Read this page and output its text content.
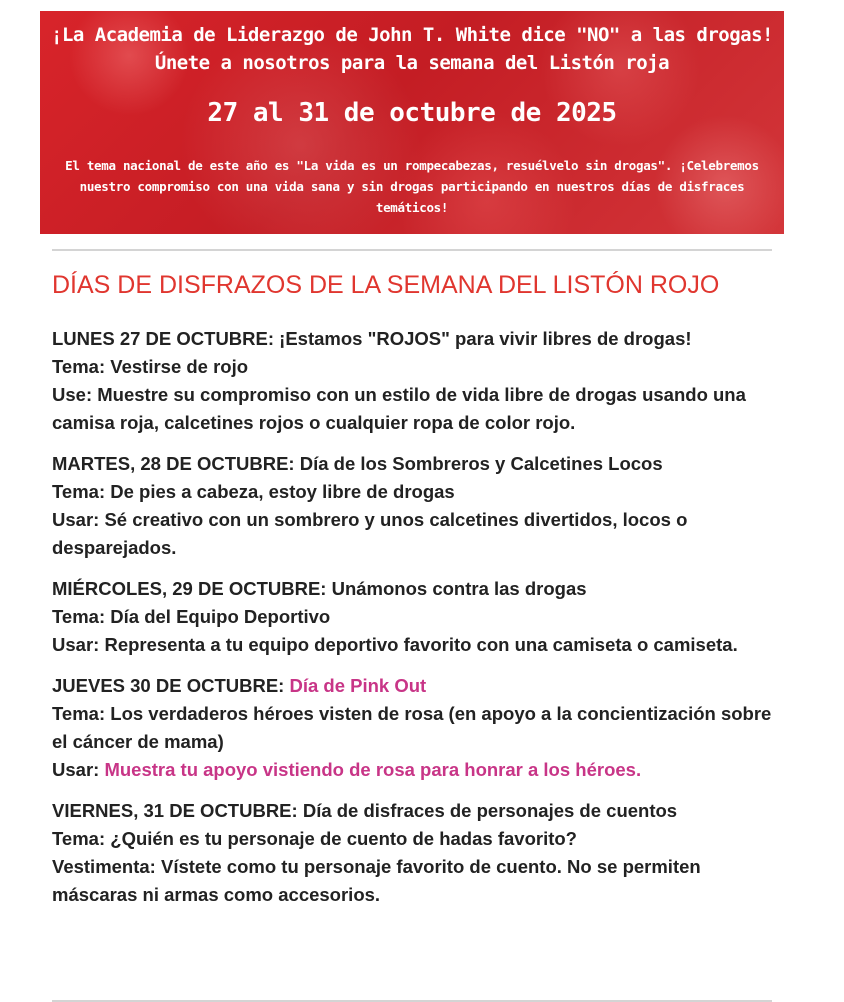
¡La Academia de Liderazgo de John T. White dice "NO" a las drogas!
Únete a nosotros para la semana del Listón roja
27 al 31 de octubre de 2025
El tema nacional de este año es "La vida es un rompecabezas, resuélvelo sin drogas". ¡Celebremos nuestro compromiso con una vida sana y sin drogas participando en nuestros días de disfraces temáticos!
DÍAS DE DISFRAZOS DE LA SEMANA DEL LISTÓN ROJO
LUNES 27 DE OCTUBRE: ¡Estamos "ROJOS" para vivir libres de drogas!
Tema: Vestirse de rojo
Use: Muestre su compromiso con un estilo de vida libre de drogas usando una camisa roja, calcetines rojos o cualquier ropa de color rojo.
MARTES, 28 DE OCTUBRE: Día de los Sombreros y Calcetines Locos
Tema: De pies a cabeza, estoy libre de drogas
Usar: Sé creativo con un sombrero y unos calcetines divertidos, locos o desparejados.
MIÉRCOLES, 29 DE OCTUBRE: Unámonos contra las drogas
Tema: Día del Equipo Deportivo
Usar: Representa a tu equipo deportivo favorito con una camiseta o camiseta.
JUEVES 30 DE OCTUBRE: Día de Pink Out
Tema: Los verdaderos héroes visten de rosa (en apoyo a la concientización sobre el cáncer de mama)
Usar: Muestra tu apoyo vistiendo de rosa para honrar a los héroes.
VIERNES, 31 DE OCTUBRE: Día de disfraces de personajes de cuentos
Tema: ¿Quién es tu personaje de cuento de hadas favorito?
Vestimenta: Vístete como tu personaje favorito de cuento. No se permiten máscaras ni armas como accesorios.
